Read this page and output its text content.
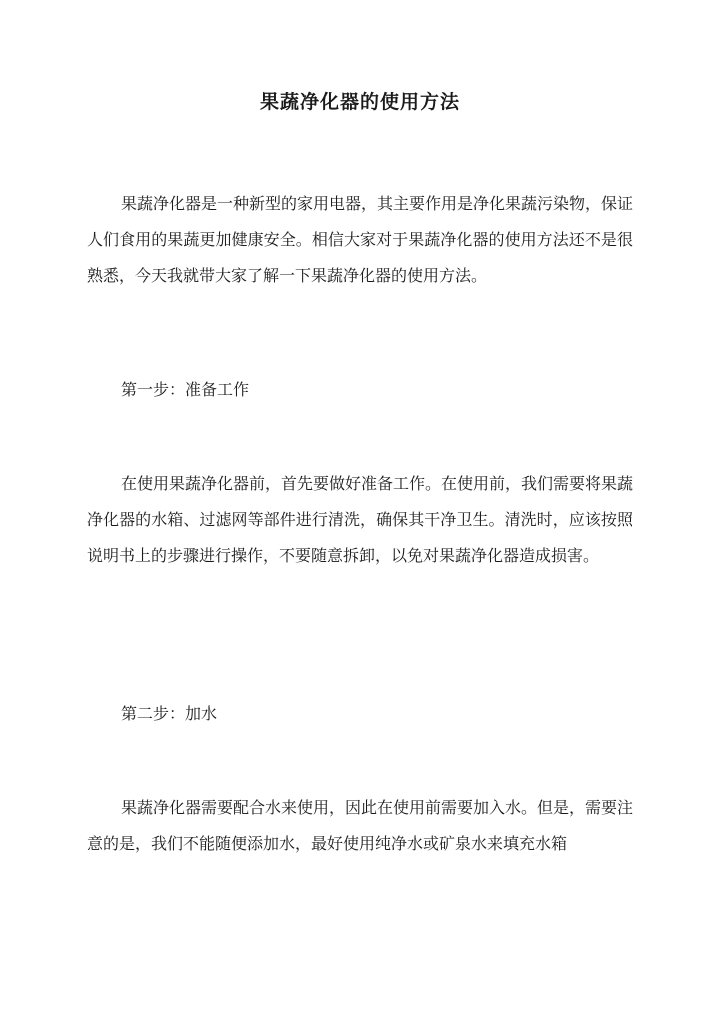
果蔬净化器的使用方法

果蔬净化器是一种新型的家用电器，其主要作用是净化果蔬污染物，保证人们食用的果蔬更加健康安全。相信大家对于果蔬净化器的使用方法还不是很熟悉，今天我就带大家了解一下果蔬净化器的使用方法。

第一步：准备工作

在使用果蔬净化器前，首先要做好准备工作。在使用前，我们需要将果蔬净化器的水箱、过滤网等部件进行清洗，确保其干净卫生。清洗时，应该按照说明书上的步骤进行操作，不要随意拆卸，以免对果蔬净化器造成损害。

第二步：加水

果蔬净化器需要配合水来使用，因此在使用前需要加入水。但是，需要注意的是，我们不能随便添加水，最好使用纯净水或矿泉水来填充水箱
